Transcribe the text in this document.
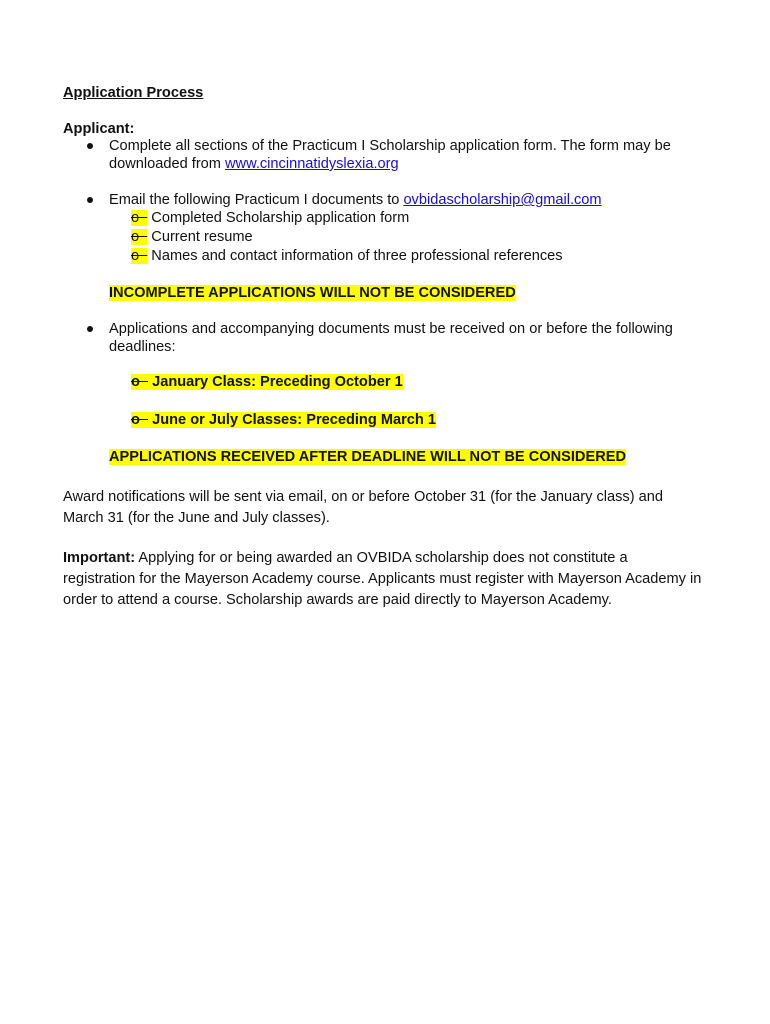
Application Process
Applicant:
Complete all sections of the Practicum I Scholarship application form. The form may be
downloaded from www.cincinnatidyslexia.org
Email the following Practicum I documents to ovbidascholarship@gmail.com
o Completed Scholarship application form
o Current resume
o Names and contact information of three professional references
INCOMPLETE APPLICATIONS WILL NOT BE CONSIDERED
Applications and accompanying documents must be received on or before the following
deadlines:
o January Class: Preceding October 1
o June or July Classes: Preceding March 1
APPLICATIONS RECEIVED AFTER DEADLINE WILL NOT BE CONSIDERED
Award notifications will be sent via email, on or before October 31 (for the January class) and March 31 (for the June and July classes).
Important: Applying for or being awarded an OVBIDA scholarship does not constitute a registration for the Mayerson Academy course. Applicants must register with Mayerson Academy in order to attend a course. Scholarship awards are paid directly to Mayerson Academy.
